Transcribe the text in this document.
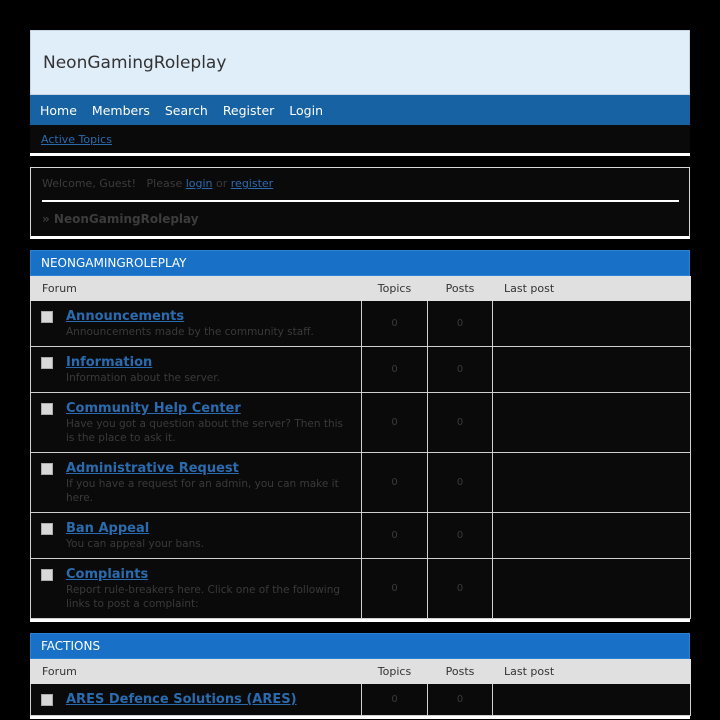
NeonGamingRoleplay
Home Members Search Register Login
Active Topics
Welcome, Guest!   Please login or register
» NeonGamingRoleplay
NEONGAMINGROLEPLAY
Forum	Topics	Posts	Last post

Announcements
Announcements made by the community staff.	0	0	

Information
Information about the server.	0	0	

Community Help Center
Have you got a question about the server? Then this is the place to ask it.	0	0	

Administrative Request
If you have a request for an admin, you can make it here.	0	0	

Ban Appeal
You can appeal your bans.	0	0	

Complaints
Report rule-breakers here. Click one of the following links to post a complaint:	0	0	
FACTIONS
Forum	Topics	Posts	Last post

ARES Defence Solutions (ARES)	0	0	
